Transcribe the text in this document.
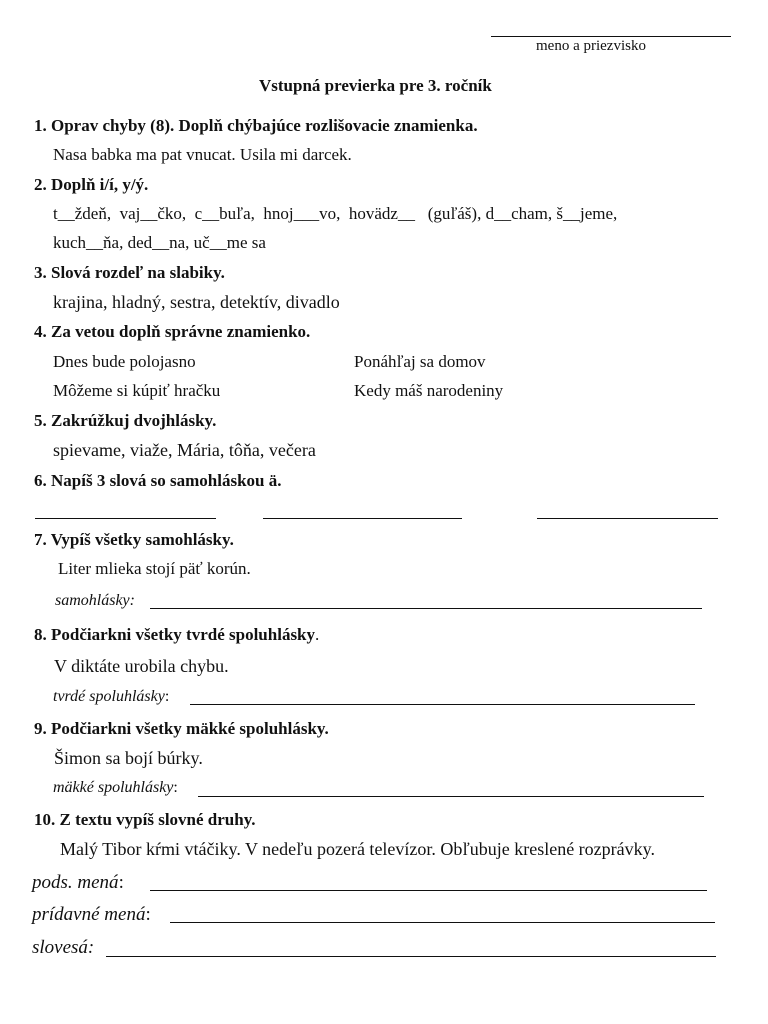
meno a priezvisko
Vstupná previerka pre 3. ročník
1. Oprav chyby (8). Doplň chýbajúce rozlišovacie znamienka.
Nasa babka ma pat vnucat. Usila mi darcek.
2. Doplň i/í, y/ý.
t__ždeň,  vaj__čko,  c__buľa,  hnoj___vo,  hovädz__   (guľáš), d__cham, š__jeme,
kuch__ňa, ded__na, uč__me sa
3. Slová rozdeľ na slabiky.
krajina, hladný, sestra, detektív, divadlo
4. Za vetou doplň správne znamienko.
Dnes bude polojasno	Ponáhľaj sa domov
Môžeme si kúpiť hračku	Kedy máš narodeniny
5. Zakrúžkuj dvojhlásky.
spievame, viaže, Mária, tôňa, večera
6. Napíš 3 slová so samohláskou ä.
7. Vypíš všetky samohlásky.
Liter mlieka stojí päť korún.
samohlásky:
8. Podčiarkni všetky tvrdé spoluhlásky.
V diktáte urobila chybu.
tvrdé spoluhlásky:
9. Podčiarkni všetky mäkké spoluhlásky.
Šimon sa bojí búrky.
mäkké spoluhlásky:
10. Z textu vypíš slovné druhy.
Malý Tibor kŕmi vtáčiky. V nedeľu pozerá televízor. Obľubuje kreslené rozprávky.
pods. mená:
prídavné mená:
slovesá:
